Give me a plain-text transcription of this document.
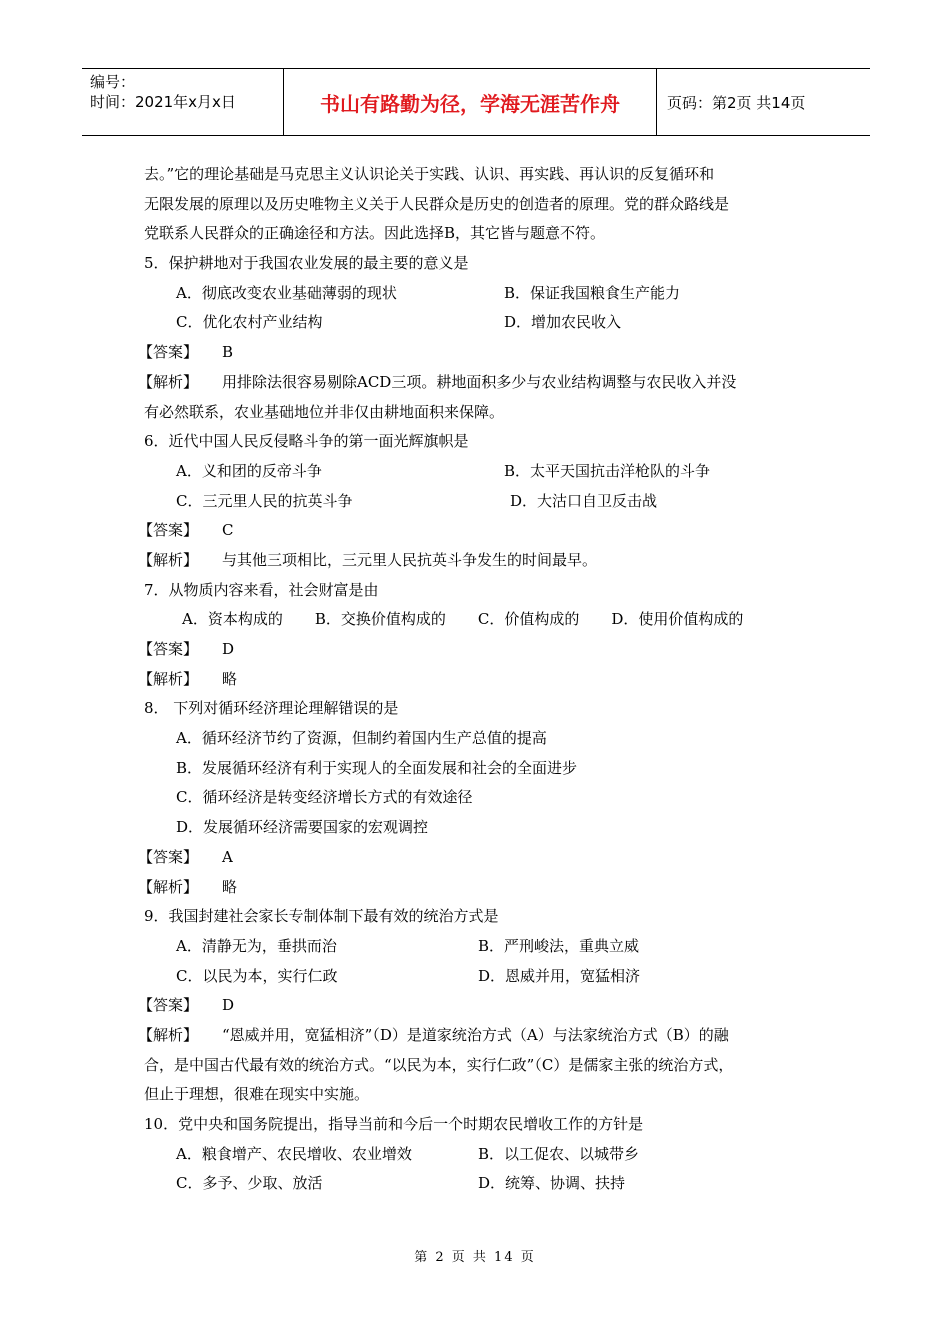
编号：
时间：2021年x月x日	书山有路勤为径，学海无涯苦作舟	页码：第2页 共14页
去。”它的理论基础是马克思主义认识论关于实践、认识、再实践、再认识的反复循环和
无限发展的原理以及历史唯物主义关于人民群众是历史的创造者的原理。党的群众路线是
党联系人民群众的正确途径和方法。因此选择B，其它皆与题意不符。
5．保护耕地对于我国农业发展的最主要的意义是
A．彻底改变农业基础薄弱的现状	B．保证我国粮食生产能力
C．优化农村产业结构	D．增加农民收入
【答案】 B
【解析】 用排除法很容易剔除ACD三项。耕地面积多少与农业结构调整与农民收入并没
有必然联系，农业基础地位并非仅由耕地面积来保障。
6．近代中国人民反侵略斗争的第一面光辉旗帜是
A．义和团的反帝斗争	B．太平天国抗击洋枪队的斗争
C．三元里人民的抗英斗争	D．大沽口自卫反击战
【答案】 C
【解析】 与其他三项相比，三元里人民抗英斗争发生的时间最早。
7．从物质内容来看，社会财富是由
A．资本构成的 B．交换价值构成的 C．价值构成的 D．使用价值构成的
【答案】 D
【解析】 略
8． 下列对循环经济理论理解错误的是
A．循环经济节约了资源，但制约着国内生产总值的提高
B．发展循环经济有利于实现人的全面发展和社会的全面进步
C．循环经济是转变经济增长方式的有效途径
D．发展循环经济需要国家的宏观调控
【答案】 A
【解析】 略
9．我国封建社会家长专制体制下最有效的统治方式是
A．清静无为，垂拱而治	B．严刑峻法，重典立威
C．以民为本，实行仁政	D．恩威并用，宽猛相济
【答案】 D
【解析】 “恩威并用，宽猛相济”（D）是道家统治方式（A）与法家统治方式（B）的融
合，是中国古代最有效的统治方式。“以民为本，实行仁政”（C）是儒家主张的统治方式，
但止于理想，很难在现实中实施。
10．党中央和国务院提出，指导当前和今后一个时期农民增收工作的方针是
A．粮食增产、农民增收、农业增效	B．以工促农、以城带乡
C．多予、少取、放活	D．统筹、协调、扶持
第 2 页 共 14 页
